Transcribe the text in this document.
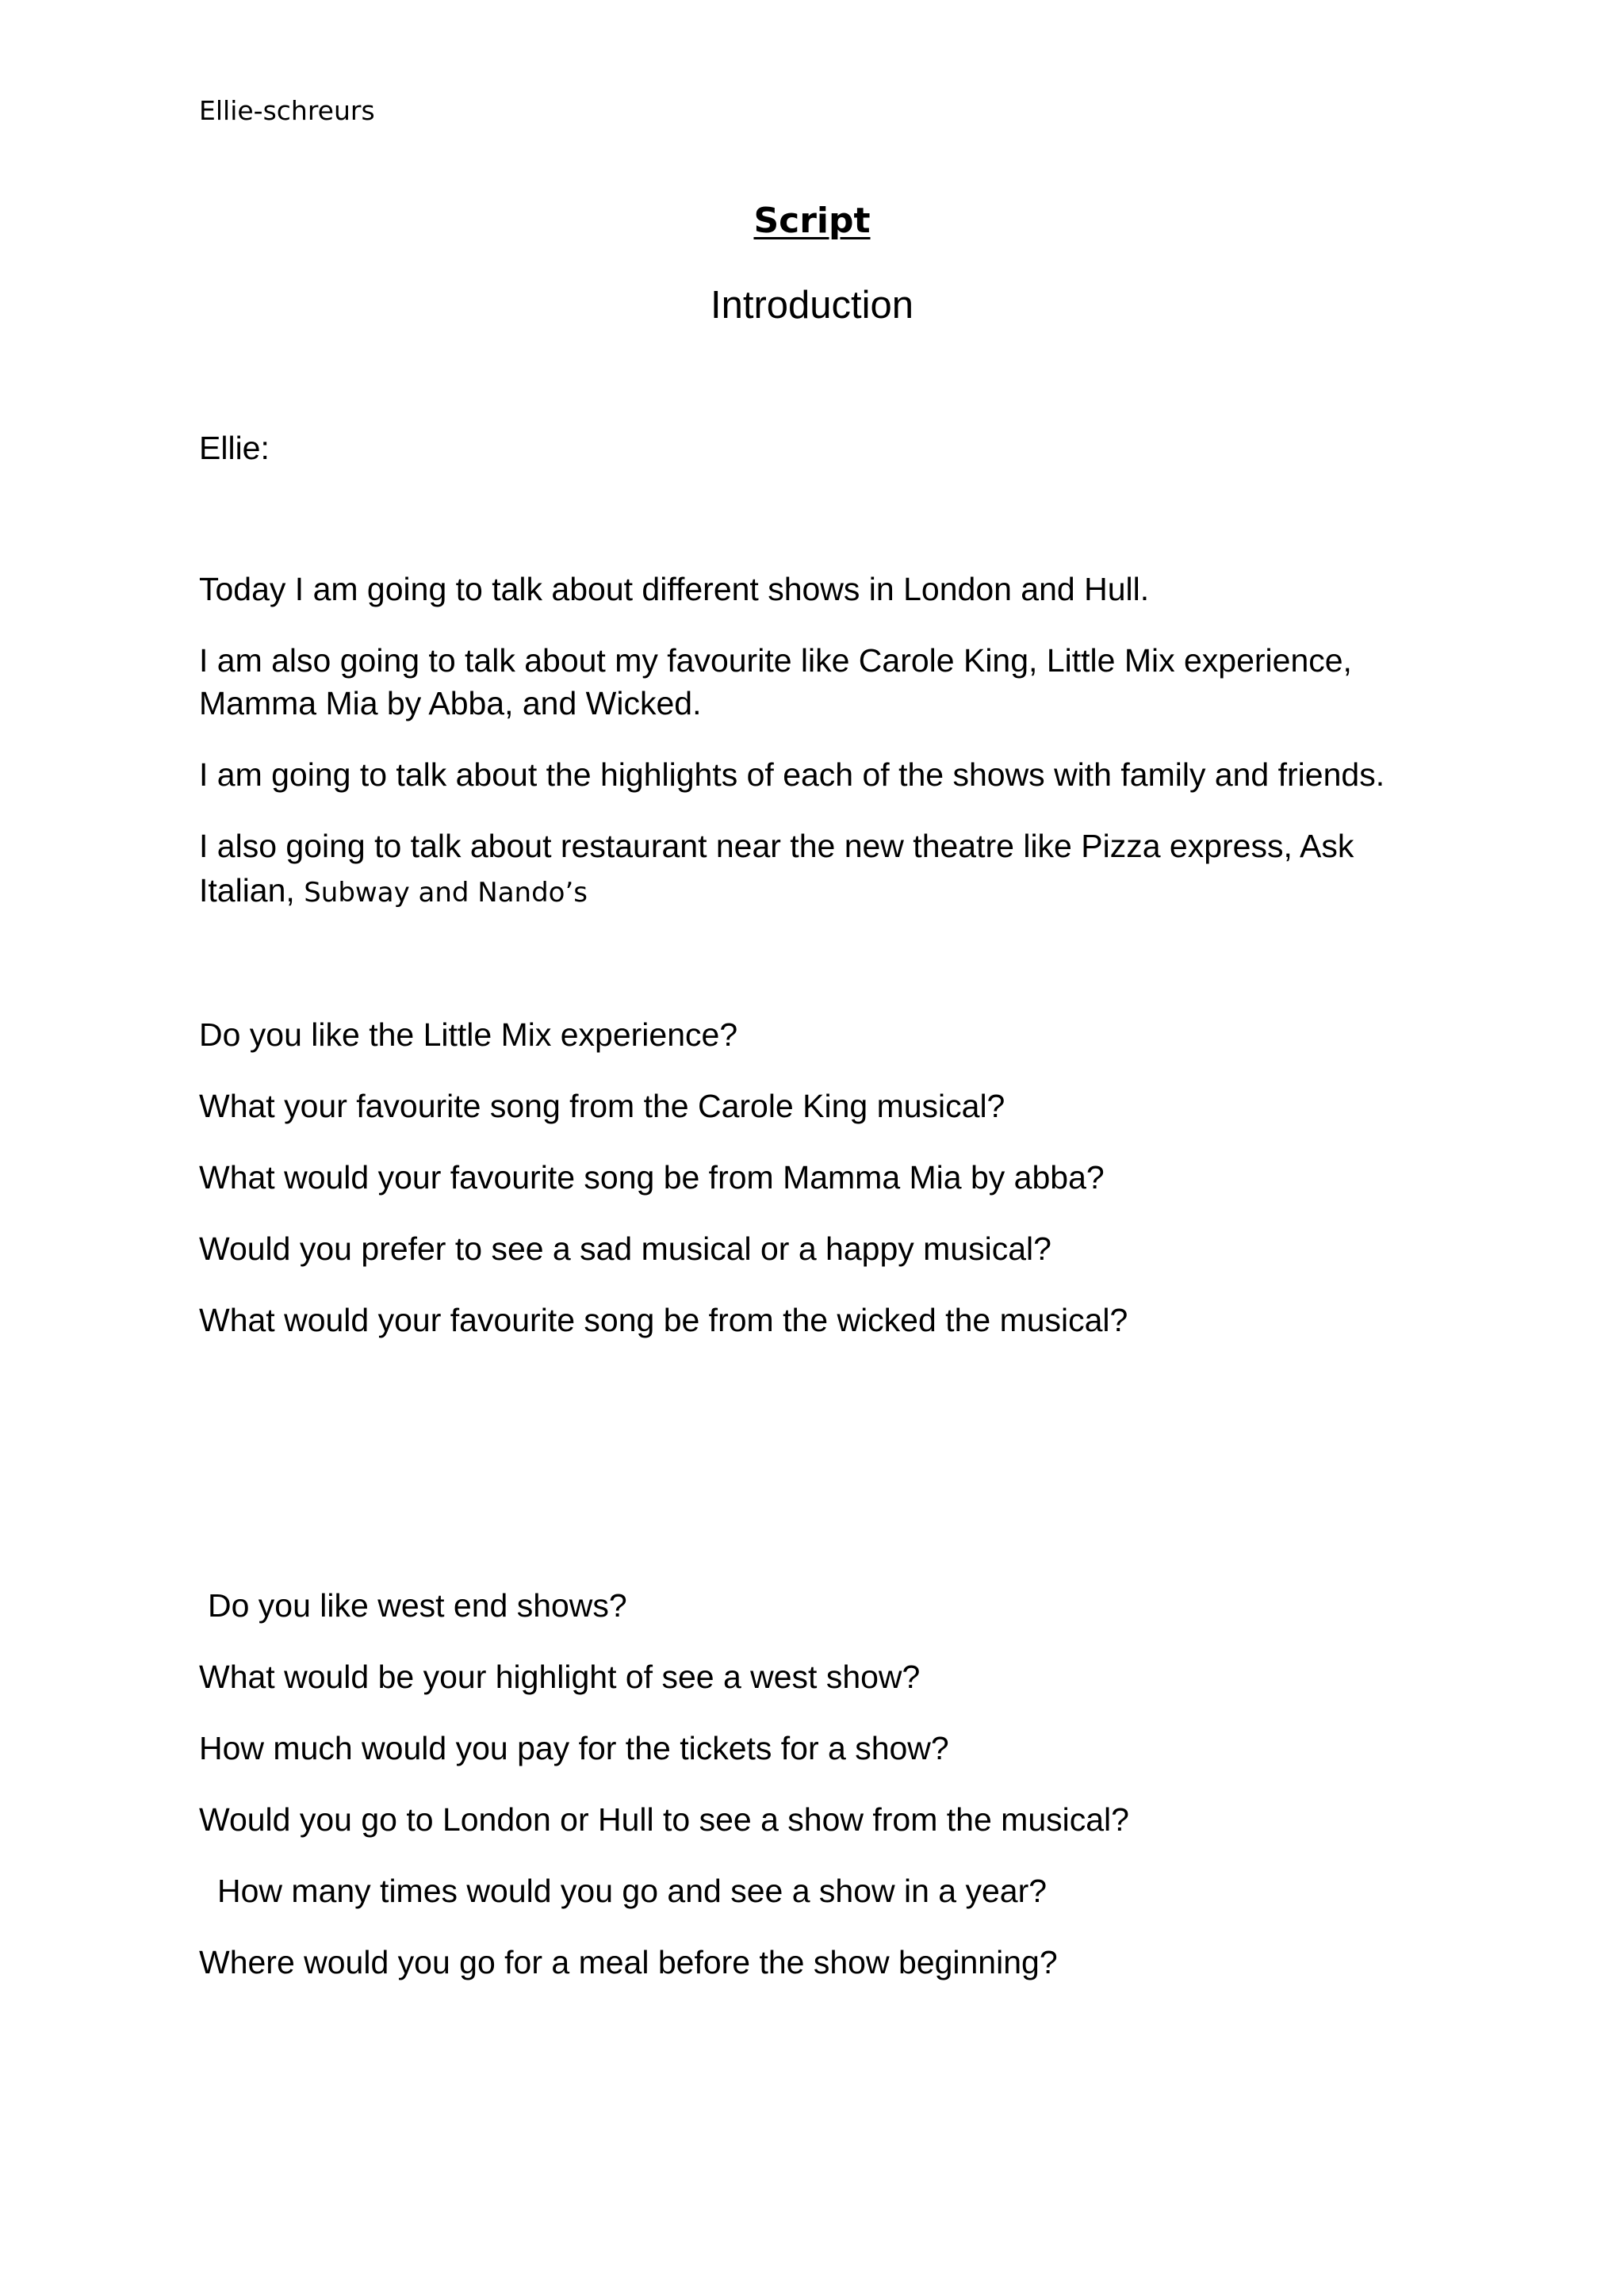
Ellie-schreurs
Script
Introduction
Ellie:
Today I am going to talk about different shows in London and Hull.
I am also going to talk about my favourite like Carole King, Little Mix experience,
Mamma Mia by Abba, and Wicked.
I am going to talk about the highlights of each of the shows with family and friends.
I also going to talk about restaurant near the new theatre like Pizza express, Ask
Italian, Subway and Nando’s
Do you like the Little Mix experience?
What your favourite song from the Carole King musical?
What would your favourite song be from Mamma Mia by abba?
Would you prefer to see a sad musical or a happy musical?
What would your favourite song be from the wicked the musical?
Do you like west end shows?
What would be your highlight of see a west show?
How much would you pay for the tickets for a show?
Would you go to London or Hull to see a show from the musical?
How many times would you go and see a show in a year?
Where would you go for a meal before the show beginning?
